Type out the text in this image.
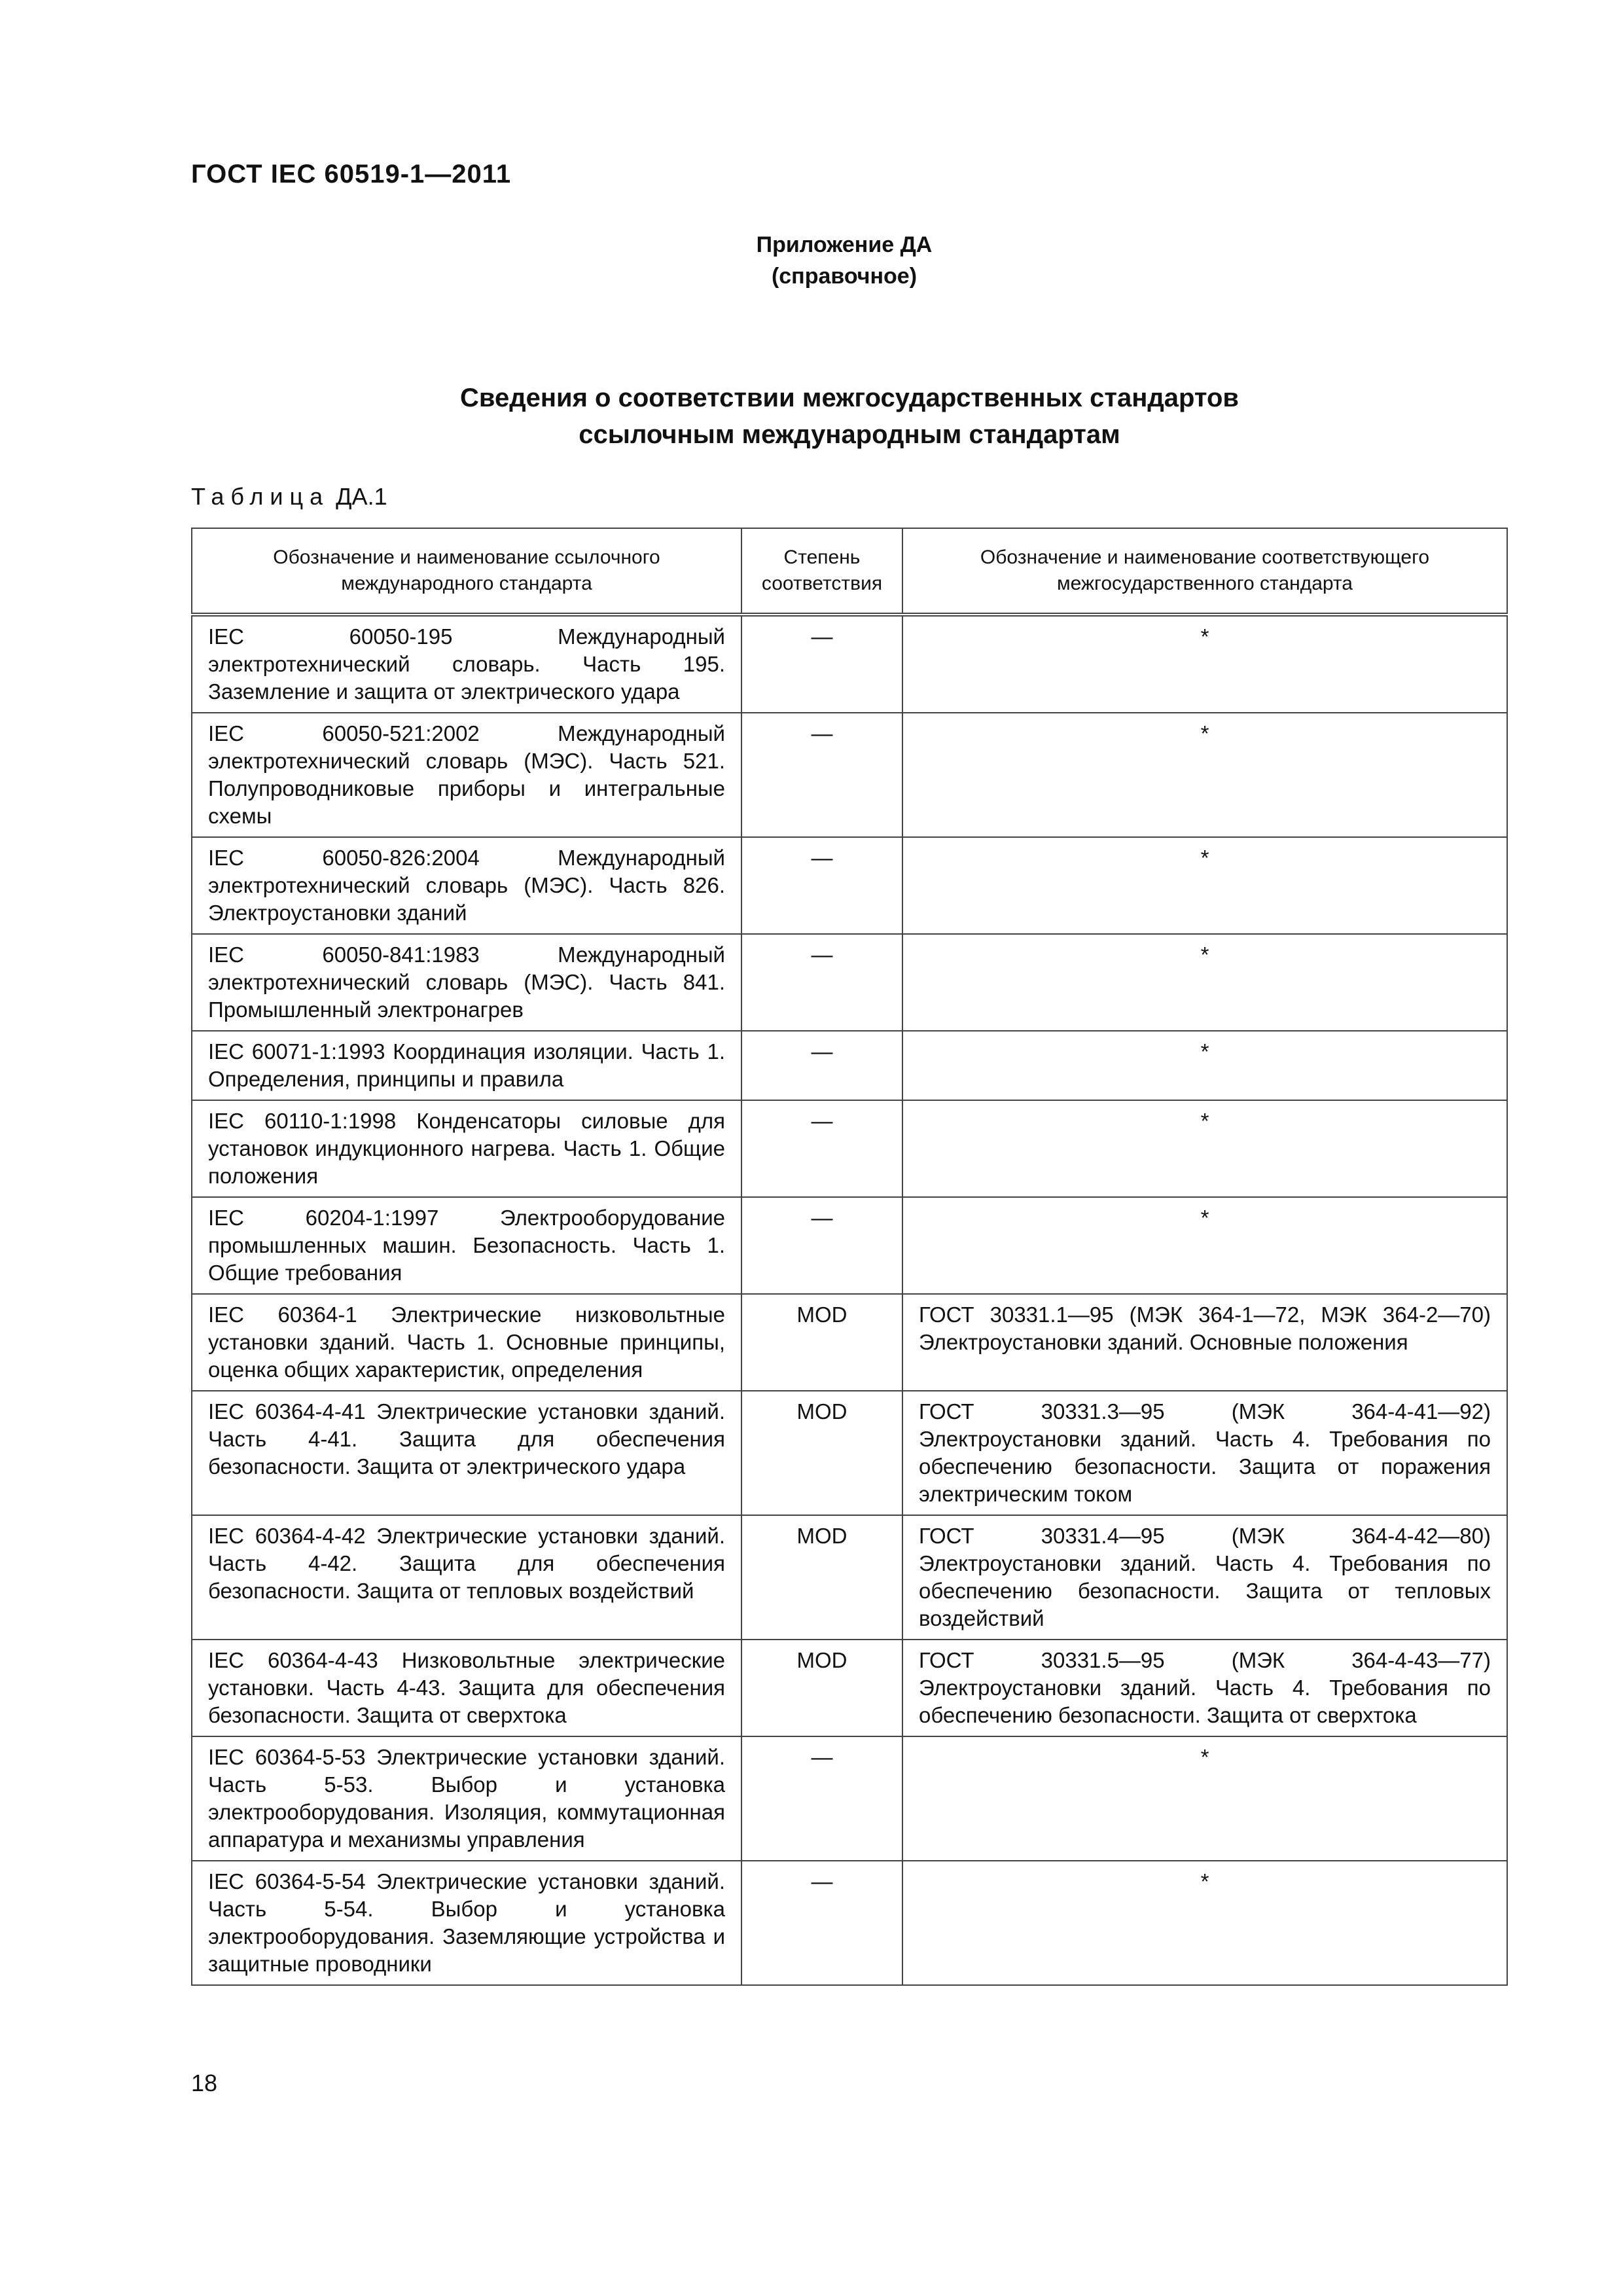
ГОСТ IEC 60519-1—2011
Приложение ДА
(справочное)
Сведения о соответствии межгосударственных стандартов
ссылочным международным стандартам
Таблица ДА.1
Обозначение и наименование ссылочного международного стандарта	Степень соответствия	Обозначение и наименование соответствующего межгосударственного стандарта
IEC 60050-195 Международный электротехнический словарь. Часть 195. Заземление и защита от электрического удара	—	*
IEC 60050-521:2002 Международный электротехнический словарь (МЭС). Часть 521. Полупроводниковые приборы и интегральные схемы	—	*
IEC 60050-826:2004 Международный электротехнический словарь (МЭС). Часть 826. Электроустановки зданий	—	*
IEC 60050-841:1983 Международный электротехнический словарь (МЭС). Часть 841. Промышленный электронагрев	—	*
IEC 60071-1:1993 Координация изоляции. Часть 1. Определения, принципы и правила	—	*
IEC 60110-1:1998 Конденсаторы силовые для установок индукционного нагрева. Часть 1. Общие положения	—	*
IEC 60204-1:1997 Электрооборудование промышленных машин. Безопасность. Часть 1. Общие требования	—	*
IEC 60364-1 Электрические низковольтные установки зданий. Часть 1. Основные принципы, оценка общих характеристик, определения	MOD	ГОСТ 30331.1—95 (МЭК 364-1—72, МЭК 364-2—70) Электроустановки зданий. Основные положения
IEC 60364-4-41 Электрические установки зданий. Часть 4-41. Защита для обеспечения безопасности. Защита от электрического удара	MOD	ГОСТ 30331.3—95 (МЭК 364-4-41—92) Электроустановки зданий. Часть 4. Требования по обеспечению безопасности. Защита от поражения электрическим током
IEC 60364-4-42 Электрические установки зданий. Часть 4-42. Защита для обеспечения безопасности. Защита от тепловых воздействий	MOD	ГОСТ 30331.4—95 (МЭК 364-4-42—80) Электроустановки зданий. Часть 4. Требования по обеспечению безопасности. Защита от тепловых воздействий
IEC 60364-4-43 Низковольтные электрические установки. Часть 4-43. Защита для обеспечения безопасности. Защита от сверхтока	MOD	ГОСТ 30331.5—95 (МЭК 364-4-43—77) Электроустановки зданий. Часть 4. Требования по обеспечению безопасности. Защита от сверхтока
IEC 60364-5-53 Электрические установки зданий. Часть 5-53. Выбор и установка электрооборудования. Изоляция, коммутационная аппаратура и механизмы управления	—	*
IEC 60364-5-54 Электрические установки зданий. Часть 5-54. Выбор и установка электрооборудования. Заземляющие устройства и защитные проводники	—	*
18
